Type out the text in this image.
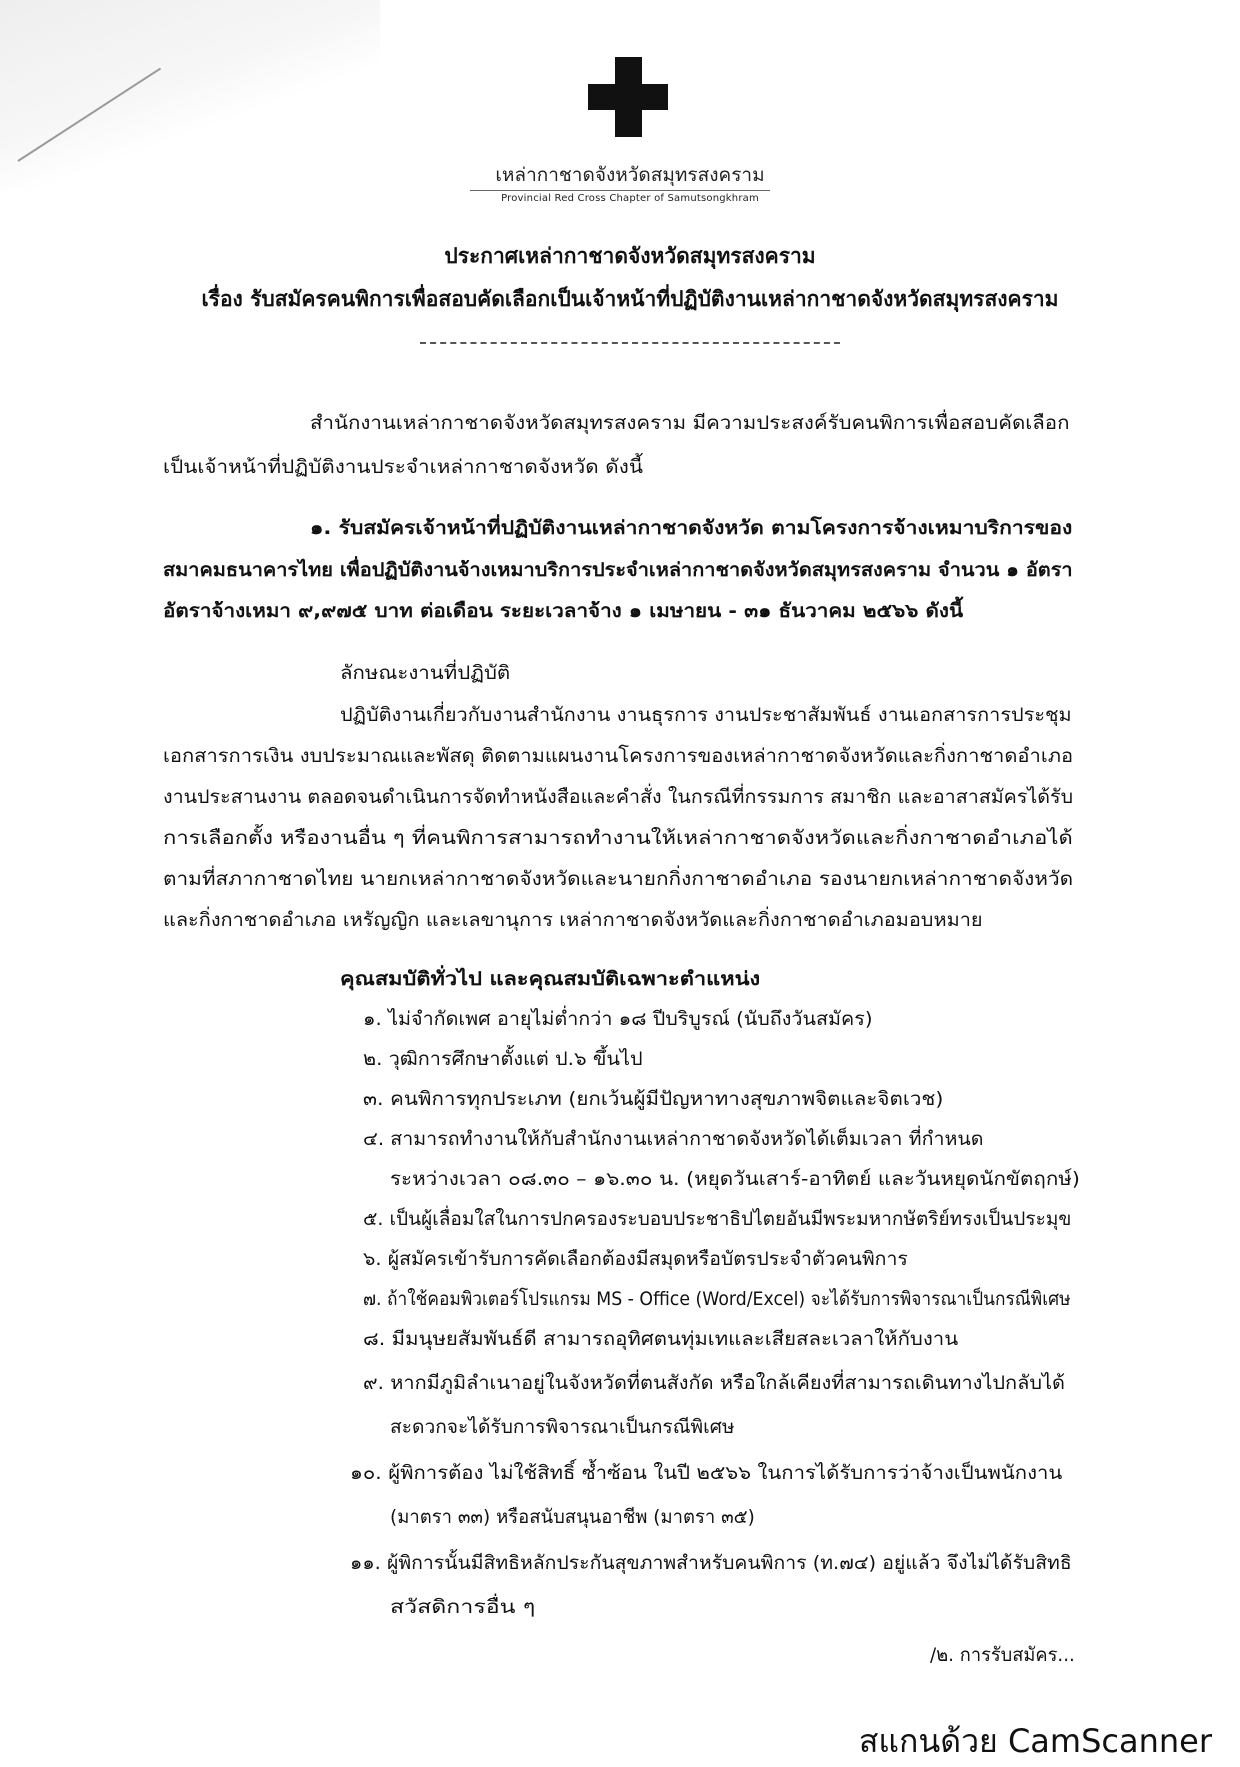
เหล่ากาชาดจังหวัดสมุทรสงคราม
Provincial Red Cross Chapter of Samutsongkhram
ประกาศเหล่ากาชาดจังหวัดสมุทรสงคราม
เรื่อง รับสมัครคนพิการเพื่อสอบคัดเลือกเป็นเจ้าหน้าที่ปฏิบัติงานเหล่ากาชาดจังหวัดสมุทรสงคราม
สำนักงานเหล่ากาชาดจังหวัดสมุทรสงคราม มีความประสงค์รับคนพิการเพื่อสอบคัดเลือก
เป็นเจ้าหน้าที่ปฏิบัติงานประจำเหล่ากาชาดจังหวัด ดังนี้
๑. รับสมัครเจ้าหน้าที่ปฏิบัติงานเหล่ากาชาดจังหวัด ตามโครงการจ้างเหมาบริการของ
สมาคมธนาคารไทย เพื่อปฏิบัติงานจ้างเหมาบริการประจำเหล่ากาชาดจังหวัดสมุทรสงคราม จำนวน ๑ อัตรา
อัตราจ้างเหมา ๙,๙๗๕ บาท ต่อเดือน ระยะเวลาจ้าง ๑ เมษายน - ๓๑ ธันวาคม ๒๕๖๖ ดังนี้
ลักษณะงานที่ปฏิบัติ
ปฏิบัติงานเกี่ยวกับงานสำนักงาน งานธุรการ งานประชาสัมพันธ์ งานเอกสารการประชุม
เอกสารการเงิน งบประมาณและพัสดุ ติดตามแผนงานโครงการของเหล่ากาชาดจังหวัดและกิ่งกาชาดอำเภอ
งานประสานงาน ตลอดจนดำเนินการจัดทำหนังสือและคำสั่ง ในกรณีที่กรรมการ สมาชิก และอาสาสมัครได้รับ
การเลือกตั้ง หรืองานอื่น ๆ ที่คนพิการสามารถทำงานให้เหล่ากาชาดจังหวัดและกิ่งกาชาดอำเภอได้
ตามที่สภากาชาดไทย นายกเหล่ากาชาดจังหวัดและนายกกิ่งกาชาดอำเภอ รองนายกเหล่ากาชาดจังหวัด
และกิ่งกาชาดอำเภอ เหรัญญิก และเลขานุการ เหล่ากาชาดจังหวัดและกิ่งกาชาดอำเภอมอบหมาย
คุณสมบัติทั่วไป และคุณสมบัติเฉพาะตำแหน่ง
๑. ไม่จำกัดเพศ อายุไม่ต่ำกว่า ๑๘ ปีบริบูรณ์ (นับถึงวันสมัคร)
๒. วุฒิการศึกษาตั้งแต่ ป.๖ ขึ้นไป
๓. คนพิการทุกประเภท (ยกเว้นผู้มีปัญหาทางสุขภาพจิตและจิตเวช)
๔. สามารถทำงานให้กับสำนักงานเหล่ากาชาดจังหวัดได้เต็มเวลา ที่กำหนด
ระหว่างเวลา ๐๘.๓๐ – ๑๖.๓๐ น. (หยุดวันเสาร์-อาทิตย์ และวันหยุดนักขัตฤกษ์)
๕. เป็นผู้เลื่อมใสในการปกครองระบอบประชาธิปไตยอันมีพระมหากษัตริย์ทรงเป็นประมุข
๖. ผู้สมัครเข้ารับการคัดเลือกต้องมีสมุดหรือบัตรประจำตัวคนพิการ
๗. ถ้าใช้คอมพิวเตอร์โปรแกรม MS - Office (Word/Excel) จะได้รับการพิจารณาเป็นกรณีพิเศษ
๘. มีมนุษยสัมพันธ์ดี สามารถอุทิศตนทุ่มเทและเสียสละเวลาให้กับงาน
๙. หากมีภูมิลำเนาอยู่ในจังหวัดที่ตนสังกัด หรือใกล้เคียงที่สามารถเดินทางไปกลับได้
สะดวกจะได้รับการพิจารณาเป็นกรณีพิเศษ
๑๐. ผู้พิการต้อง ไม่ใช้สิทธิ์ ซ้ำซ้อน ในปี ๒๕๖๖ ในการได้รับการว่าจ้างเป็นพนักงาน
(มาตรา ๓๓) หรือสนับสนุนอาชีพ (มาตรา ๓๕)
๑๑. ผู้พิการนั้นมีสิทธิหลักประกันสุขภาพสำหรับคนพิการ (ท.๗๔) อยู่แล้ว จึงไม่ได้รับสิทธิ
สวัสดิการอื่น ๆ
/๒. การรับสมัคร...
สแกนด้วย CamScanner
